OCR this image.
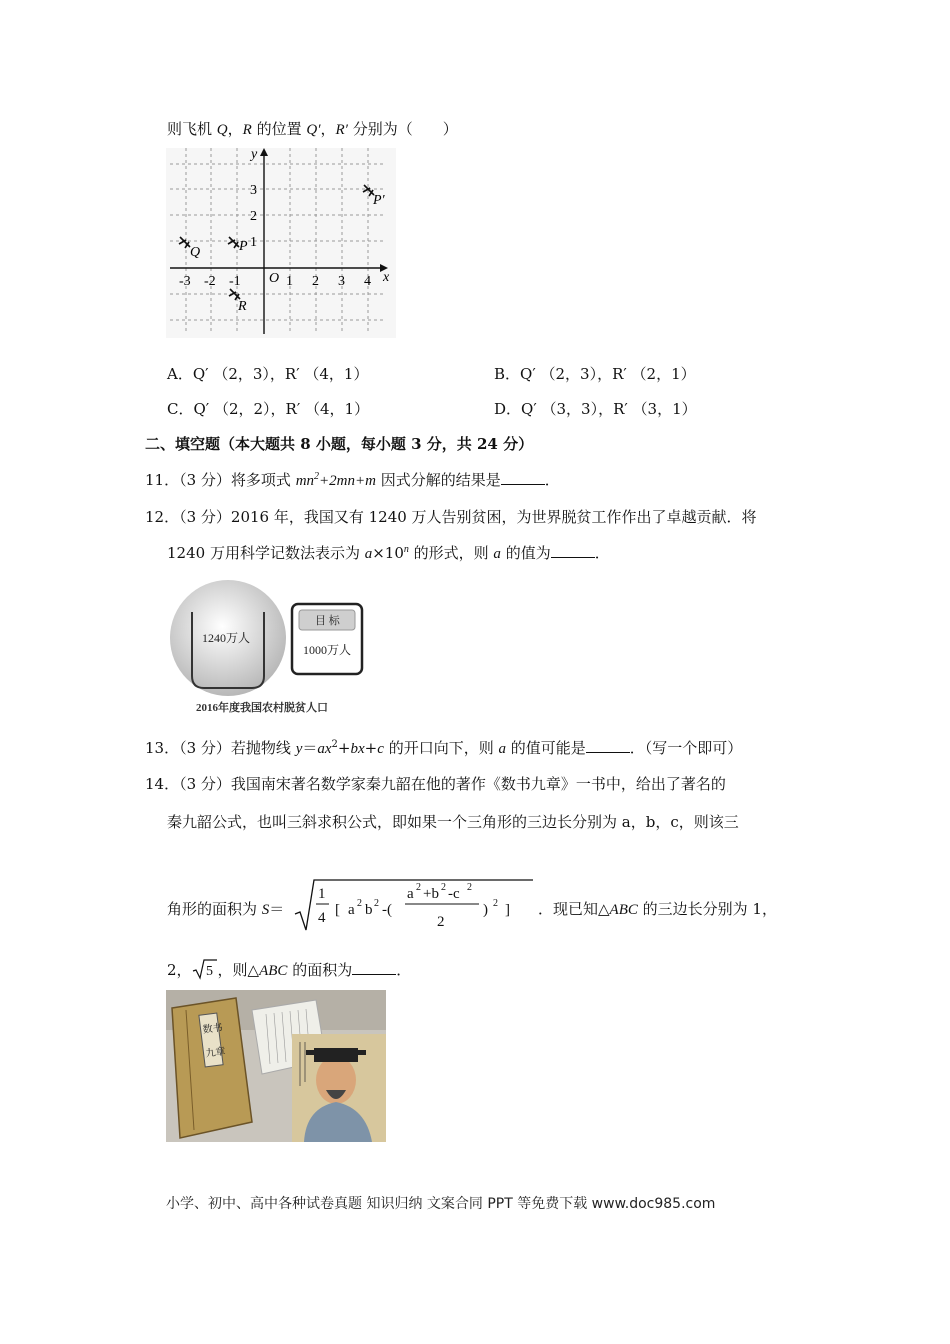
则飞机 Q，R 的位置 Q′，R′ 分别为（　　）
x
y
O
-3 -2 -1	1 2 3 4
1
2
3
Q	P
R
P′
A．Q′ （2，3），R′ （4，1）	B．Q′ （2，3），R′ （2，1）
C．Q′ （2，2），R′ （4，1）	D．Q′ （3，3），R′ （3，1）
二、填空题（本大题共 8 小题，每小题 3 分，共 24 分）
11．（3 分）将多项式 $mn^2+2mn+m$ 因式分解的结果是	．
12．（3 分）2016 年，我国又有 1240 万人告别贫困，为世界脱贫工作作出了卓越贡献．将
1240 万用科学记数法表示为 $a\times 10^n$ 的形式，则 a 的值为	．
1240万人
目 标
1000万人
2016年度我国农村脱贫人口
13．（3 分）若抛物线 $y=ax^2+bx+c$ 的开口向下，则 a 的值可能是	．（写一个即可）
14．（3 分）我国南宋著名数学家秦九韶在他的著作《数书九章》一书中，给出了著名的
秦九韶公式，也叫三斜求积公式，即如果一个三角形的三边长分别为 a，b，c，则该三
角形的面积为 S＝
1
4 [ a 2 b 2 -(
a 2 +b 2 -c 2
2
) 2 ] ．现已知△ABC 的三边长分别为 1，
2， 5 ，则△ABC 的面积为	．
数书
九章
小学、初中、高中各种试卷真题 知识归纳 文案合同 PPT 等免费下载 www.doc985.com
